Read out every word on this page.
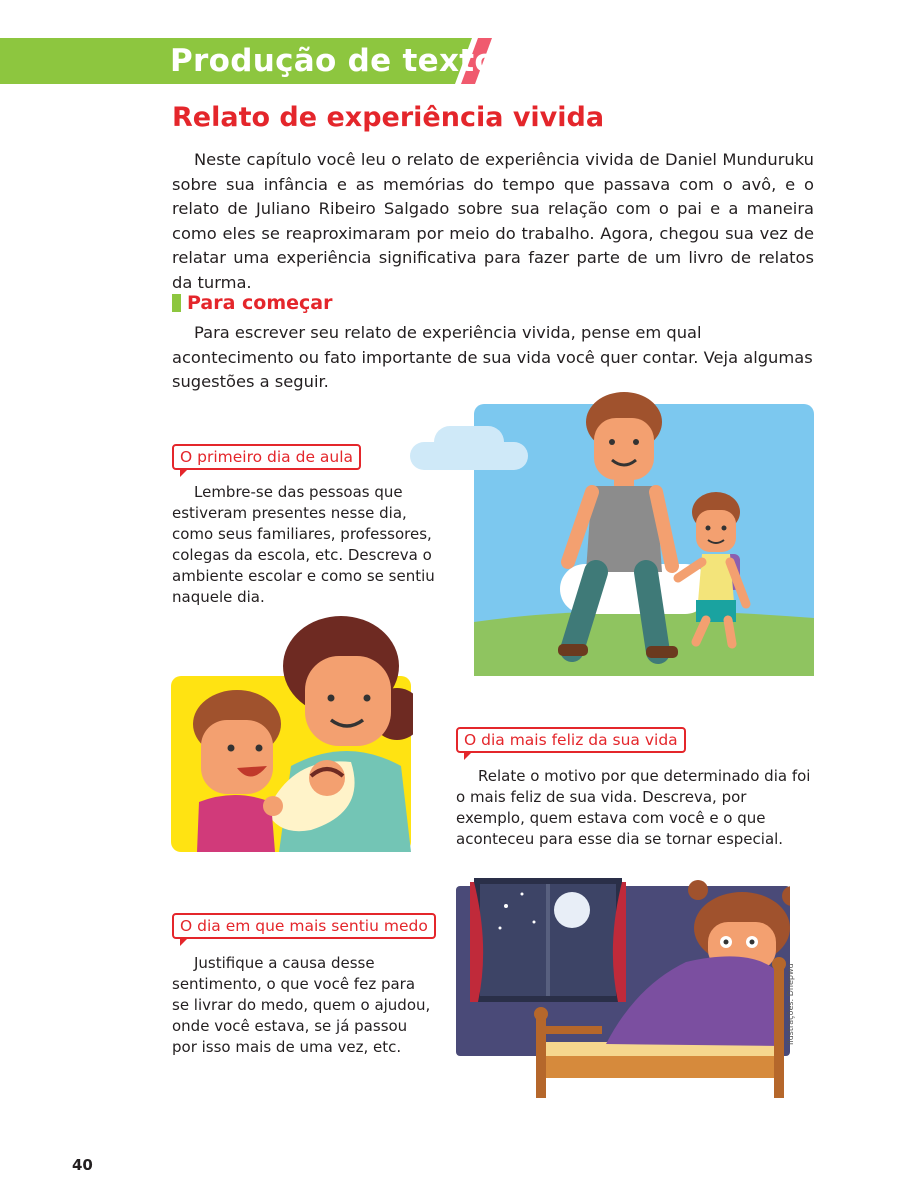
Produção de texto
Relato de experiência vivida

Neste capítulo você leu o relato de experiência vivida de Daniel Munduruku sobre sua infância e as memórias do tempo que passava com o avô, e o relato de Juliano Ribeiro Salgado sobre sua relação com o pai e a maneira como eles se reaproximaram por meio do trabalho. Agora, chegou sua vez de relatar uma experiência significativa para fazer parte de um livro de relatos da turma.

Para começar

Para escrever seu relato de experiência vivida, pense em qual acontecimento ou fato importante de sua vida você quer contar. Veja algumas sugestões a seguir.

O primeiro dia de aula

Lembre-se das pessoas que estiveram presentes nesse dia, como seus familiares, professores, colegas da escola, etc. Descreva o ambiente escolar e como se sentiu naquele dia.

O dia mais feliz da sua vida

Relate o motivo por que determinado dia foi o mais feliz de sua vida. Descreva, por exemplo, quem estava com você e o que aconteceu para esse dia se tornar especial.

O dia em que mais sentiu medo

Justifique a causa desse sentimento, o que você fez para se livrar do medo, quem o ajudou, onde você estava, se já passou por isso mais de uma vez, etc.

Ilustrações: Dnepwu
40
